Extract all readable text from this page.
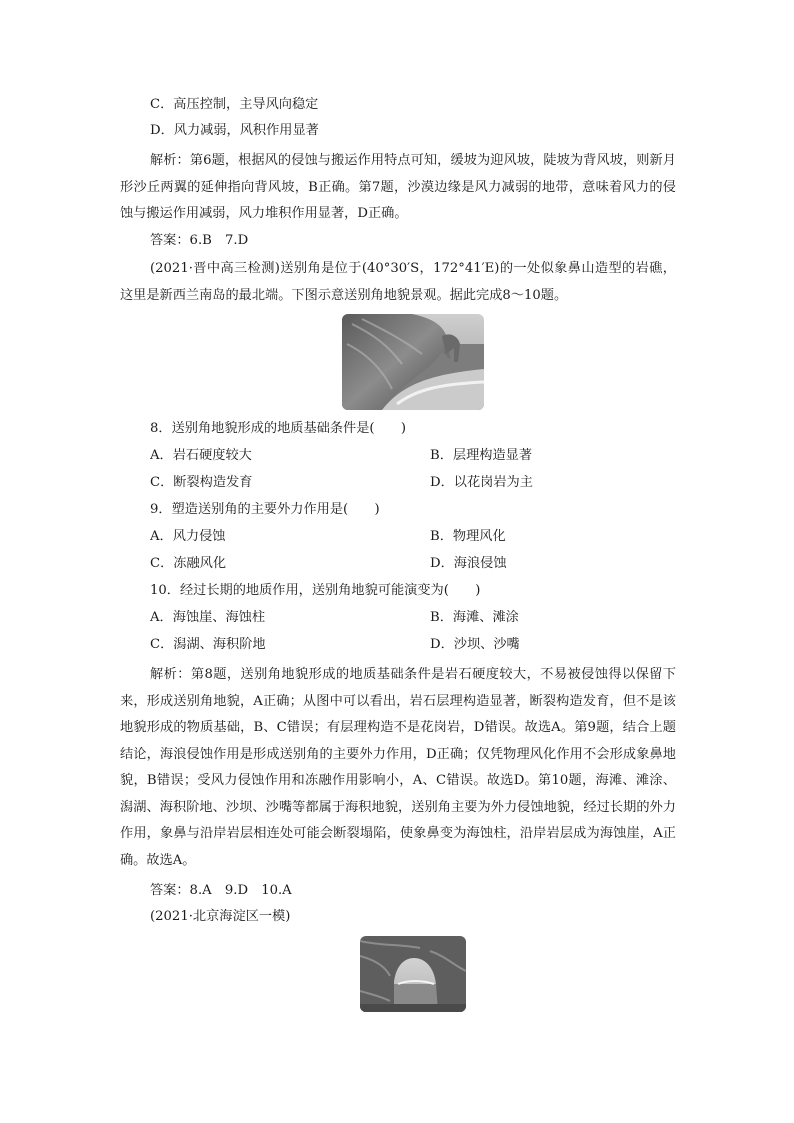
C．高压控制，主导风向稳定
D．风力减弱，风积作用显著
解析：第6题，根据风的侵蚀与搬运作用特点可知，缓坡为迎风坡，陡坡为背风坡，则新月形沙丘两翼的延伸指向背风坡，B正确。第7题，沙漠边缘是风力减弱的地带，意味着风力的侵蚀与搬运作用减弱，风力堆积作用显著，D正确。
答案：6.B　7.D
(2021·晋中高三检测)送别角是位于(40°30′S，172°41′E)的一处似象鼻山造型的岩礁，这里是新西兰南岛的最北端。下图示意送别角地貌景观。据此完成8～10题。
8．送别角地貌形成的地质基础条件是(　　)
A．岩石硬度较大	B．层理构造显著
C．断裂构造发育	D．以花岗岩为主
9．塑造送别角的主要外力作用是(　　)
A．风力侵蚀	B．物理风化
C．冻融风化	D．海浪侵蚀
10．经过长期的地质作用，送别角地貌可能演变为(　　)
A．海蚀崖、海蚀柱	B．海滩、滩涂
C．潟湖、海积阶地	D．沙坝、沙嘴
解析：第8题，送别角地貌形成的地质基础条件是岩石硬度较大，不易被侵蚀得以保留下来，形成送别角地貌，A正确；从图中可以看出，岩石层理构造显著，断裂构造发育，但不是该地貌形成的物质基础，B、C错误；有层理构造不是花岗岩，D错误。故选A。第9题，结合上题结论，海浪侵蚀作用是形成送别角的主要外力作用，D正确；仅凭物理风化作用不会形成象鼻地貌，B错误；受风力侵蚀作用和冻融作用影响小，A、C错误。故选D。第10题，海滩、滩涂、潟湖、海积阶地、沙坝、沙嘴等都属于海积地貌，送别角主要为外力侵蚀地貌，经过长期的外力作用，象鼻与沿岸岩层相连处可能会断裂塌陷，使象鼻变为海蚀柱，沿岸岩层成为海蚀崖，A正确。故选A。
答案：8.A　9.D　10.A
(2021·北京海淀区一模)
